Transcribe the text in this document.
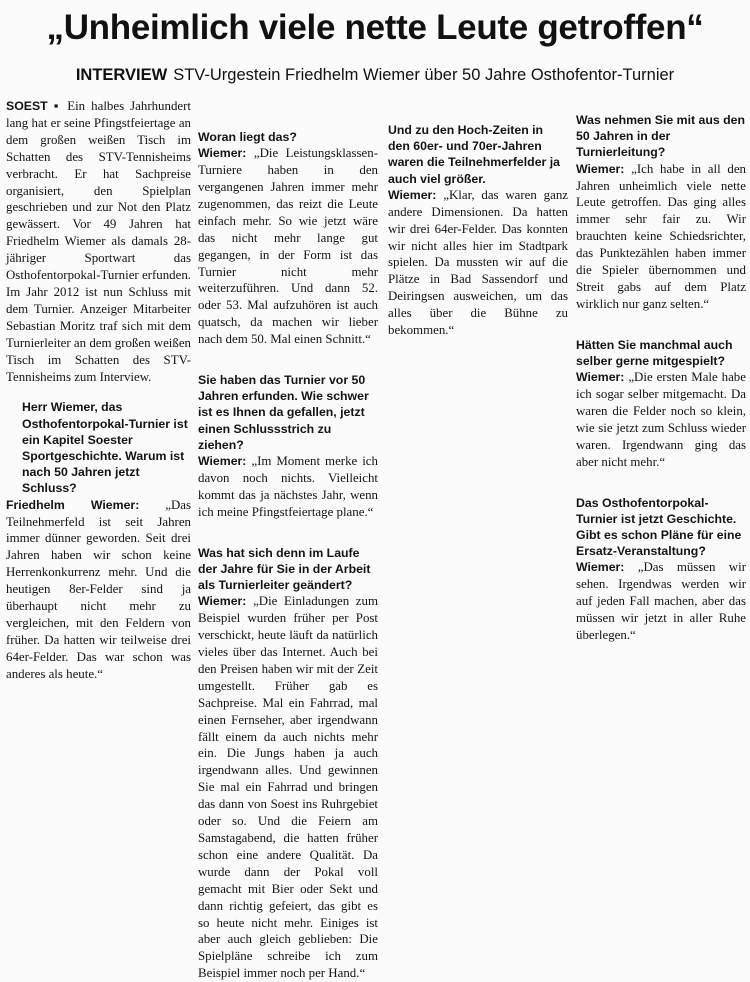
„Unheimlich viele nette Leute getroffen“
INTERVIEW STV-Urgestein Friedhelm Wiemer über 50 Jahre Osthofentor-Turnier

SOEST ▪ Ein halbes Jahrhundert lang hat er seine Pfingstfeiertage an dem großen weißen Tisch im Schatten des STV-Tennisheims verbracht. Er hat Sachpreise organisiert, den Spielplan geschrieben und zur Not den Platz gewässert. Vor 49 Jahren hat Friedhelm Wiemer als damals 28-jähriger Sportwart das Osthofentorpokal-Turnier erfunden. Im Jahr 2012 ist nun Schluss mit dem Turnier. Anzeiger Mitarbeiter Sebastian Moritz traf sich mit dem Turnierleiter an dem großen weißen Tisch im Schatten des STV-Tennisheims zum Interview.

Herr Wiemer, das Osthofentorpokal-Turnier ist ein Kapitel Soester Sportgeschichte. Warum ist nach 50 Jahren jetzt Schluss?

Friedhelm Wiemer: „Das Teilnehmerfeld ist seit Jahren immer dünner geworden. Seit drei Jahren haben wir schon keine Herrenkonkurrenz mehr. Und die heutigen 8er-Felder sind ja überhaupt nicht mehr zu vergleichen, mit den Feldern von früher. Da hatten wir teilweise drei 64er-Felder. Das war schon was anderes als heute.“

Woran liegt das?

Wiemer: „Die Leistungsklassen-Turniere haben in den vergangenen Jahren immer mehr zugenommen, das reizt die Leute einfach mehr. So wie jetzt wäre das nicht mehr lange gut gegangen, in der Form ist das Turnier nicht mehr weiterzuführen. Und dann 52. oder 53. Mal aufzuhören ist auch quatsch, da machen wir lieber nach dem 50. Mal einen Schnitt.“

Sie haben das Turnier vor 50 Jahren erfunden. Wie schwer ist es Ihnen da gefallen, jetzt einen Schlussstrich zu ziehen?

Wiemer: „Im Moment merke ich davon noch nichts. Vielleicht kommt das ja nächstes Jahr, wenn ich meine Pfingstfeiertage plane.“

Was hat sich denn im Laufe der Jahre für Sie in der Arbeit als Turnierleiter geändert?

Wiemer: „Die Einladungen zum Beispiel wurden früher per Post verschickt, heute läuft da natürlich vieles über das Internet. Auch bei den Preisen haben wir mit der Zeit umgestellt. Früher gab es Sachpreise. Mal ein Fahrrad, mal einen Fernseher, aber irgendwann fällt einem da auch nichts mehr ein. Die Jungs haben ja auch irgendwann alles. Und gewinnen Sie mal ein Fahrrad und bringen das dann von Soest ins Ruhrgebiet oder so. Und die Feiern am Samstagabend, die hatten früher schon eine andere Qualität. Da wurde dann der Pokal voll gemacht mit Bier oder Sekt und dann richtig gefeiert, das gibt es so heute nicht mehr. Einiges ist aber auch gleich geblieben: Die Spielpläne schreibe ich zum Beispiel immer noch per Hand.“

Und zu den Hoch-Zeiten in den 60er- und 70er-Jahren waren die Teilnehmerfelder ja auch viel größer.

Wiemer: „Klar, das waren ganz andere Dimensionen. Da hatten wir drei 64er-Felder. Das konnten wir nicht alles hier im Stadtpark spielen. Da mussten wir auf die Plätze in Bad Sassendorf und Deiringsen ausweichen, um das alles über die Bühne zu bekommen.“

Was nehmen Sie mit aus den 50 Jahren in der Turnierleitung?

Wiemer: „Ich habe in all den Jahren unheimlich viele nette Leute getroffen. Das ging alles immer sehr fair zu. Wir brauchten keine Schiedsrichter, das Punktezählen haben immer die Spieler übernommen und Streit gabs auf dem Platz wirklich nur ganz selten.“

Hätten Sie manchmal auch selber gerne mitgespielt?

Wiemer: „Die ersten Male habe ich sogar selber mitgemacht. Da waren die Felder noch so klein, wie sie jetzt zum Schluss wieder waren. Irgendwann ging das aber nicht mehr.“

Das Osthofentorpokal-Turnier ist jetzt Geschichte. Gibt es schon Pläne für eine Ersatz-Veranstaltung?

Wiemer: „Das müssen wir sehen. Irgendwas werden wir auf jeden Fall machen, aber das müssen wir jetzt in aller Ruhe überlegen.“
